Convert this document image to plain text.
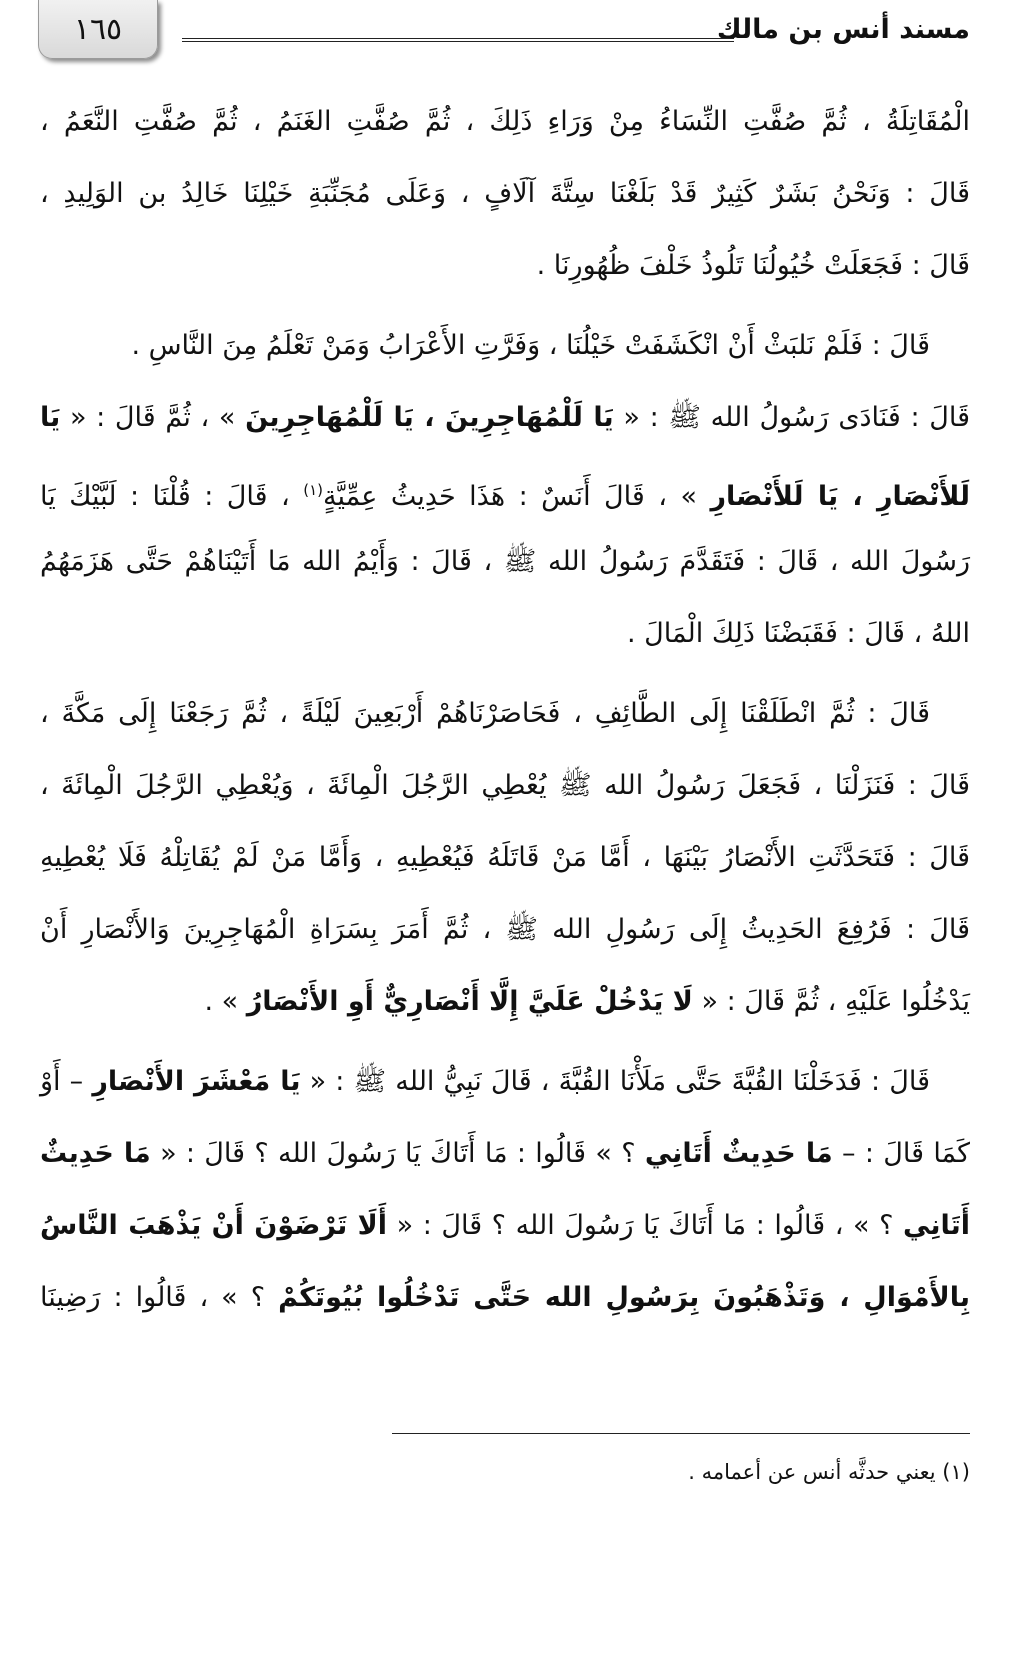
١٦٥	مسند أنس بن مالك
الْمُقَاتِلَةُ ، ثُمَّ صُفَّتِ النِّسَاءُ مِنْ وَرَاءِ ذَلِكَ ، ثُمَّ صُفَّتِ الغَنَمُ ، ثُمَّ صُفَّتِ النَّعَمُ ،
قَالَ : وَنَحْنُ بَشَرٌ كَثِيرٌ قَدْ بَلَغْنَا سِتَّةَ آلَافٍ ، وَعَلَى مُجَنِّبَةِ خَيْلِنَا خَالِدُ بن الوَلِيدِ ،
قَالَ : فَجَعَلَتْ خُيُولُنَا تَلُوذُ خَلْفَ ظُهُورِنَا .
قَالَ : فَلَمْ نَلبَثْ أَنْ انْكَشَفَتْ خَيْلُنَا ، وَفَرَّتِ الأَعْرَابُ وَمَنْ تَعْلَمُ مِنَ النَّاسِ .
قَالَ : فَنَادَى رَسُولُ الله ﷺ : « يَا لَلْمُهَاجِرِينَ ، يَا لَلْمُهَاجِرِينَ » ، ثُمَّ قَالَ : « يَا
لَلأَنْصَارِ ، يَا لَلأَنْصَارِ » ، قَالَ أَنَسٌ : هَذَا حَدِيثُ عِمِّيَّةٍ$^{(١)}$ ، قَالَ : قُلْنَا : لَبَّيْكَ يَا
رَسُولَ الله ، قَالَ : فَتَقَدَّمَ رَسُولُ الله ﷺ ، قَالَ : وَأَيْمُ الله مَا أَتَيْنَاهُمْ حَتَّى هَزَمَهُمُ
اللهُ ، قَالَ : فَقَبَضْنَا ذَلِكَ الْمَالَ .
قَالَ : ثُمَّ انْطَلَقْنَا إِلَى الطَّائِفِ ، فَحَاصَرْنَاهُمْ أَرْبَعِينَ لَيْلَةً ، ثُمَّ رَجَعْنَا إِلَى مَكَّةَ ،
قَالَ : فَنَزَلْنَا ، فَجَعَلَ رَسُولُ الله ﷺ يُعْطِي الرَّجُلَ الْمِائَةَ ، وَيُعْطِي الرَّجُلَ الْمِائَةَ ،
قَالَ : فَتَحَدَّثَتِ الأَنْصَارُ بَيْنَهَا ، أَمَّا مَنْ قَاتَلَهُ فَيُعْطِيهِ ، وَأَمَّا مَنْ لَمْ يُقَاتِلْهُ فَلَا يُعْطِيهِ
قَالَ : فَرُفِعَ الحَدِيثُ إِلَى رَسُولِ الله ﷺ ، ثُمَّ أَمَرَ بِسَرَاةِ الْمُهَاجِرِينَ وَالأَنْصَارِ أَنْ
يَدْخُلُوا عَلَيْهِ ، ثُمَّ قَالَ : « لَا يَدْخُلْ عَلَيَّ إِلَّا أَنْصَارِيٌّ أَوِ الأَنْصَارُ » .
قَالَ : فَدَخَلْنَا القُبَّةَ حَتَّى مَلَأْنَا القُبَّةَ ، قَالَ نَبِيُّ الله ﷺ : « يَا مَعْشَرَ الأَنْصَارِ – أَوْ
كَمَا قَالَ : – مَا حَدِيثٌ أَتَانِي ؟ » قَالُوا : مَا أَتَاكَ يَا رَسُولَ الله ؟ قَالَ : « مَا حَدِيثٌ
أَتَانِي ؟ » ، قَالُوا : مَا أَتَاكَ يَا رَسُولَ الله ؟ قَالَ : « أَلَا تَرْضَوْنَ أَنْ يَذْهَبَ النَّاسُ
بِالأَمْوَالِ ، وَتَذْهَبُونَ بِرَسُولِ الله حَتَّى تَدْخُلُوا بُيُوتَكُمْ ؟ » ، قَالُوا : رَضِينَا
(١) يعني حدثَّه أنس عن أعمامه .
